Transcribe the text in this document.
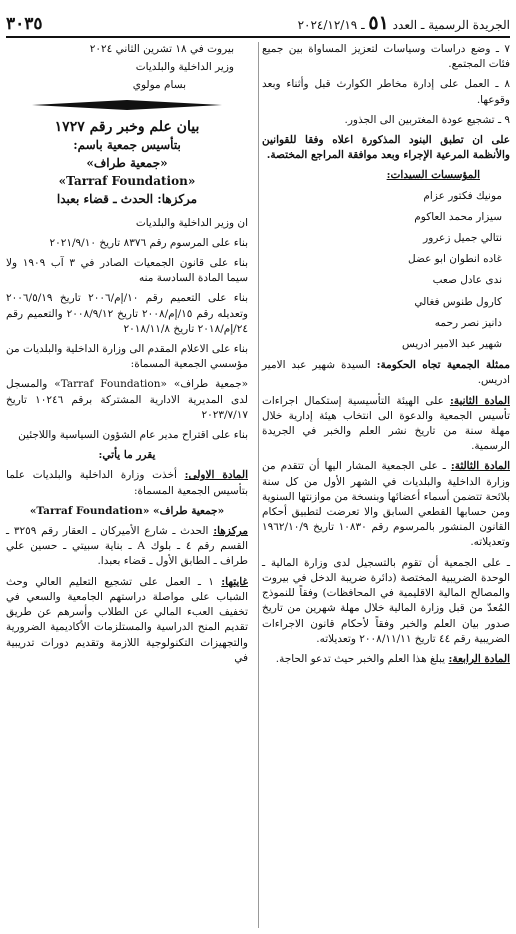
الجريدة الرسمية ـ العدد ٥١ ـ ٢٠٢٤/١٢/١٩
٣٠٣٥

٧ ـ وضع دراسات وسياسات لتعزيز المساواة بين جميع فئات المجتمع.

٨ ـ العمل على إدارة مخاطر الكوارث قبل وأثناء وبعد وقوعها.

٩ ـ تشجيع عودة المغتربين الى الجذور.

على ان تطبق البنود المذكورة اعلاه وفقا للقوانين والأنظمة المرعية الإجراء وبعد موافقة المراجع المختصة.

المؤسسات السيدات:

مونيك فكتور عزام

سيزار محمد العاكوم

نتالي جميل زعرور

غاده انطوان ابو عضل

ندى عادل صعب

كارول طنوس فغالي

دانيز نصر رحمه

شهير عبد الامير ادريس

ممثلة الجمعية تجاه الحكومة: السيدة شهير عبد الامير ادريس.

المادة الثانية: على الهيئة التأسيسية إستكمال اجراءات تأسيس الجمعية والدعوة الى انتخاب هيئة إدارية خلال مهلة سنة من تاريخ نشر العلم والخبر في الجريدة الرسمية.

المادة الثالثة: ـ على الجمعية المشار اليها أن تتقدم من وزارة الداخلية والبلديات في الشهر الأول من كل سنة بلائحة تتضمن أسماء أعضائها وبنسخة من موازنتها السنوية ومن حسابها القطعي السابق والا تعرضت لتطبيق أحكام القانون المنشور بالمرسوم رقم ١٠٨٣٠ تاريخ ١٩٦٢/١٠/٩ وتعديلاته.

ـ على الجمعية أن تقوم بالتسجيل لدى وزارة المالية ـ الوحدة الضريبية المختصة (دائرة ضريبة الدخل في بيروت والمصالح المالية الاقليمية في المحافظات) وفقاً للنموذج المُعدّ من قبل وزارة المالية خلال مهلة شهرين من تاريخ صدور بيان العلم والخبر وفقاً لأحكام قانون الاجراءات الضريبية رقم ٤٤ تاريخ ٢٠٠٨/١١/١١ وتعديلاته.

المادة الرابعة: يبلغ هذا العلم والخبر حيث تدعو الحاجة.

بيروت في ١٨ تشرين الثاني ٢٠٢٤

وزير الداخلية والبلديات

بسام مولوي

بيان علم وخبر رقم ١٧٢٧
بتأسيس جمعية باسم:
«جمعية طراف»
«Tarraf Foundation»
مركزها: الحدث ـ قضاء بعبدا

ان وزير الداخلية والبلديات

بناء على المرسوم رقم ٨٣٧٦ تاريخ ٢٠٢١/٩/١٠

بناء على قانون الجمعيات الصادر في ٣ آب ١٩٠٩ ولا سيما المادة السادسة منه

بناء على التعميم رقم ١٠/إم/٢٠٠٦ تاريخ ٢٠٠٦/٥/١٩ وتعديله رقم ١٥/إم/٢٠٠٨ تاريخ ٢٠٠٨/٩/١٢ والتعميم رقم ٢٤/إم/٢٠١٨ تاريخ ٢٠١٨/١١/٨

بناء على الاعلام المقدم الى وزارة الداخلية والبلديات من مؤسسي الجمعية المسماة:

«جمعية طراف» «Tarraf Foundation» والمسجل لدى المديرية الادارية المشتركة برقم ١٠٢٤٦ تاريخ ٢٠٢٣/٧/١٧

بناء على اقتراح مدير عام الشؤون السياسية واللاجئين

يقرر ما يأتي:

المادة الاولى: أخذت وزارة الداخلية والبلديات علما بتأسيس الجمعية المسماة:

«جمعية طراف» «Tarraf Foundation»

مركزها: الحدث ـ شارع الأميركان ـ العقار رقم ٣٢٥٩ ـ القسم رقم ٤ ـ بلوك A ـ بناية سبيتي ـ حسين علي طراف ـ الطابق الأول ـ قضاء بعبدا.

غايتها: ١ ـ العمل على تشجيع التعليم العالي وحث الشباب على مواصلة دراستهم الجامعية والسعي في تخفيف العبء المالي عن الطلاب وأسرهم عن طريق تقديم المنح الدراسية والمستلزمات الأكاديمية الضرورية والتجهيزات التكنولوجية اللازمة وتقديم دورات تدريبية في
